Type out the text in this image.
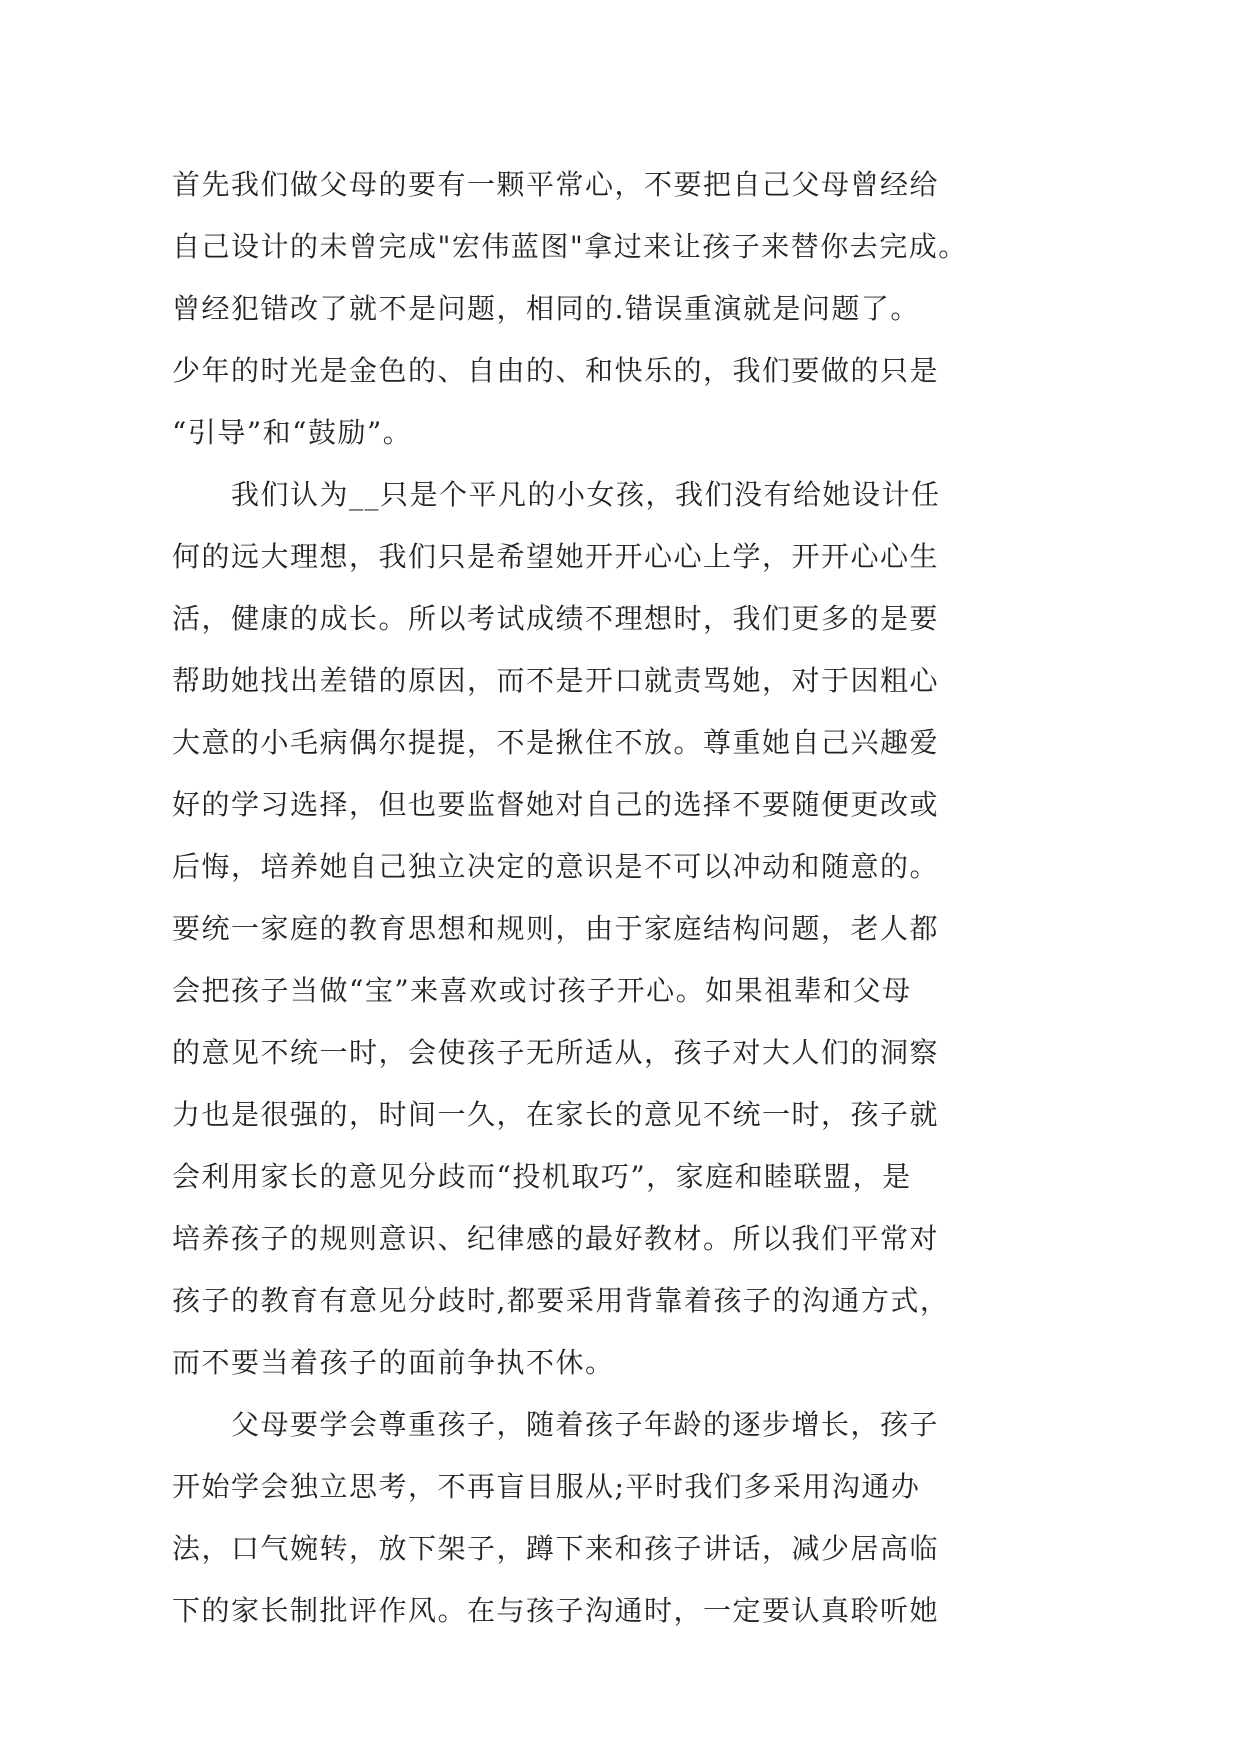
首先我们做父母的要有一颗平常心，不要把自己父母曾经给
自己设计的未曾完成"宏伟蓝图"拿过来让孩子来替你去完成。
曾经犯错改了就不是问题，相同的.错误重演就是问题了。
少年的时光是金色的、自由的、和快乐的，我们要做的只是
“引导”和“鼓励”。
我们认为__只是个平凡的小女孩，我们没有给她设计任
何的远大理想，我们只是希望她开开心心上学，开开心心生
活，健康的成长。所以考试成绩不理想时，我们更多的是要
帮助她找出差错的原因，而不是开口就责骂她，对于因粗心
大意的小毛病偶尔提提，不是揪住不放。尊重她自己兴趣爱
好的学习选择，但也要监督她对自己的选择不要随便更改或
后悔，培养她自己独立决定的意识是不可以冲动和随意的。
要统一家庭的教育思想和规则，由于家庭结构问题，老人都
会把孩子当做“宝”来喜欢或讨孩子开心。如果祖辈和父母
的意见不统一时，会使孩子无所适从，孩子对大人们的洞察
力也是很强的，时间一久，在家长的意见不统一时，孩子就
会利用家长的意见分歧而“投机取巧”，家庭和睦联盟，是
培养孩子的规则意识、纪律感的最好教材。所以我们平常对
孩子的教育有意见分歧时,都要采用背靠着孩子的沟通方式，
而不要当着孩子的面前争执不休。
父母要学会尊重孩子，随着孩子年龄的逐步增长，孩子
开始学会独立思考，不再盲目服从;平时我们多采用沟通办
法，口气婉转，放下架子，蹲下来和孩子讲话，减少居高临
下的家长制批评作风。在与孩子沟通时，一定要认真聆听她
